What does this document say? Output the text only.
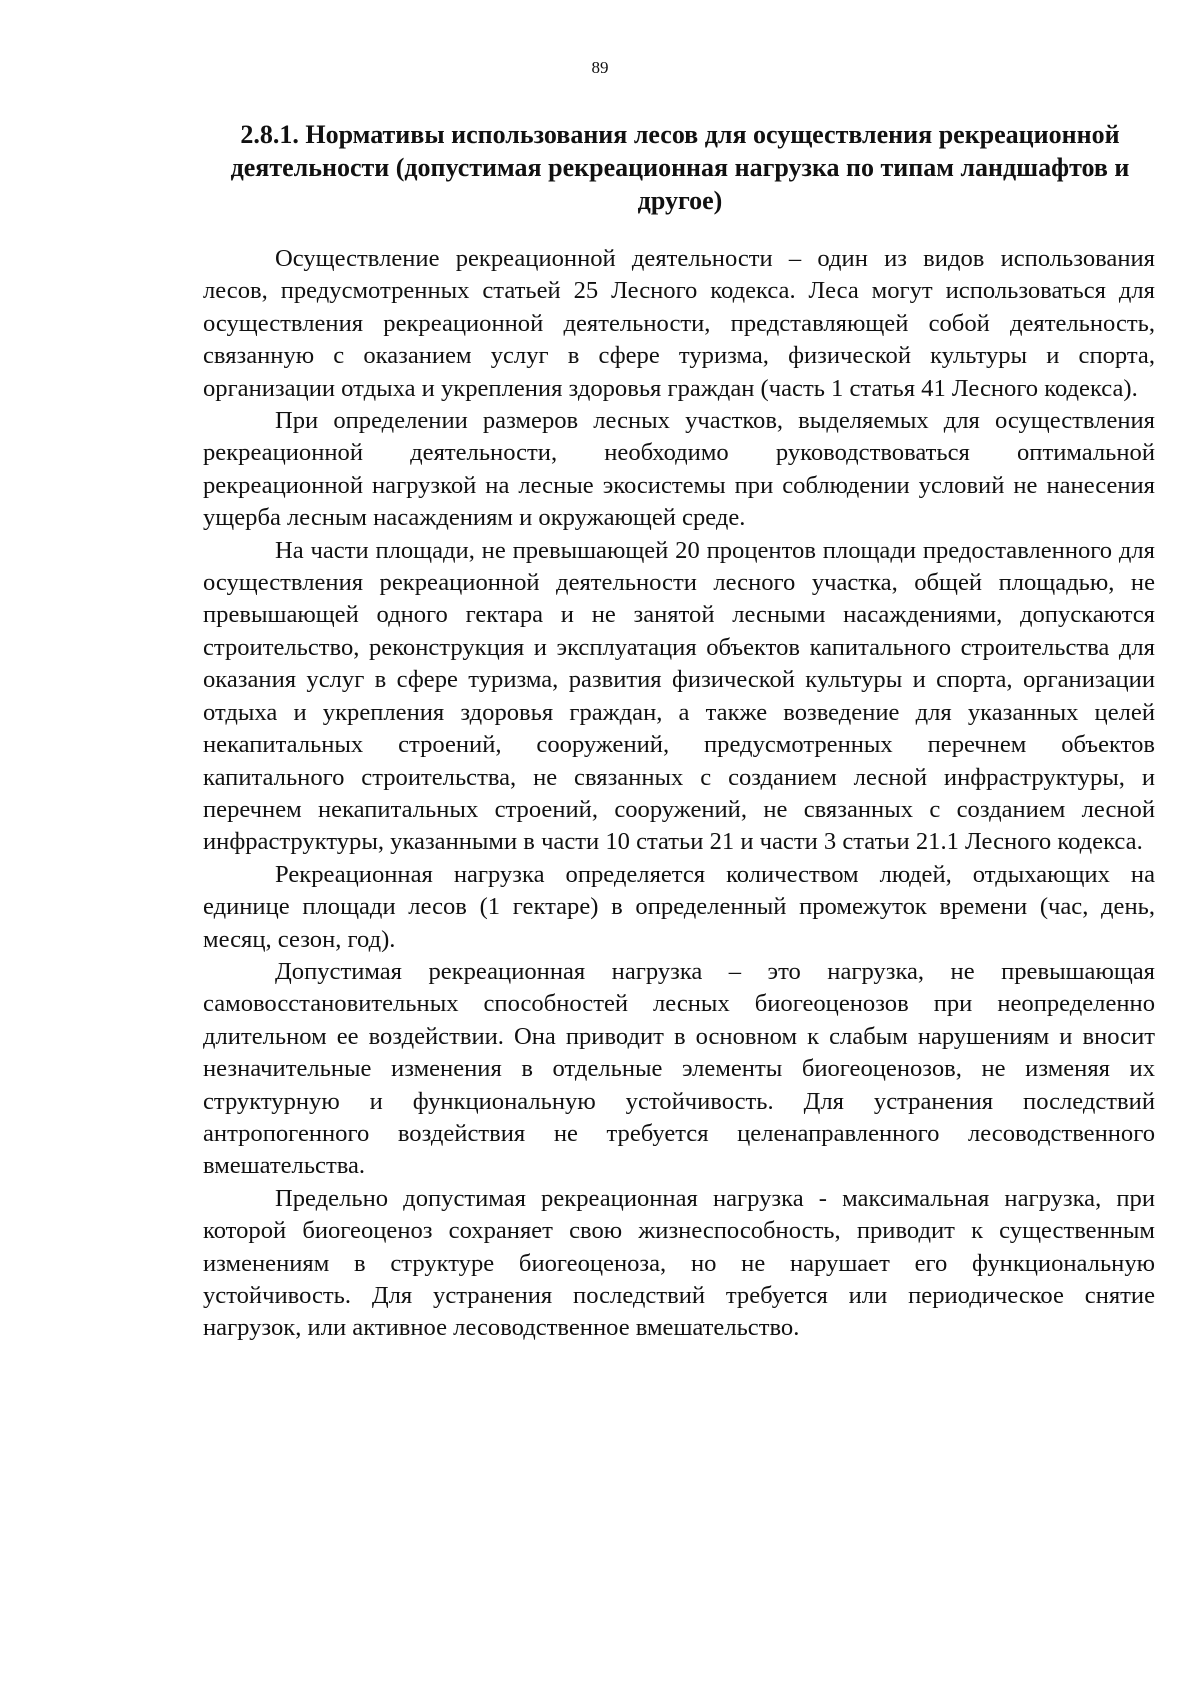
89
2.8.1. Нормативы использования лесов для осуществления рекреационной деятельности (допустимая рекреационная нагрузка по типам ландшафтов и другое)

Осуществление рекреационной деятельности – один из видов использования лесов, предусмотренных статьей 25 Лесного кодекса. Леса могут использоваться для осуществления рекреационной деятельности, представляющей собой деятельность, связанную с оказанием услуг в сфере туризма, физической культуры и спорта, организации отдыха и укрепления здоровья граждан (часть 1 статья 41 Лесного кодекса).

При определении размеров лесных участков, выделяемых для осуществления рекреационной деятельности, необходимо руководствоваться оптимальной рекреационной нагрузкой на лесные экосистемы при соблюдении условий не нанесения ущерба лесным насаждениям и окружающей среде.

На части площади, не превышающей 20 процентов площади предоставленного для осуществления рекреационной деятельности лесного участка, общей площадью, не превышающей одного гектара и не занятой лесными насаждениями, допускаются строительство, реконструкция и эксплуатация объектов капитального строительства для оказания услуг в сфере туризма, развития физической культуры и спорта, организации отдыха и укрепления здоровья граждан, а также возведение для указанных целей некапитальных строений, сооружений, предусмотренных перечнем объектов капитального строительства, не связанных с созданием лесной инфраструктуры, и перечнем некапитальных строений, сооружений, не связанных с созданием лесной инфраструктуры, указанными в части 10 статьи 21 и части 3 статьи 21.1 Лесного кодекса.

Рекреационная нагрузка определяется количеством людей, отдыхающих на единице площади лесов (1 гектаре) в определенный промежуток времени (час, день, месяц, сезон, год).

Допустимая рекреационная нагрузка – это нагрузка, не превышающая самовосстановительных способностей лесных биогеоценозов при неопределенно длительном ее воздействии. Она приводит в основном к слабым нарушениям и вносит незначительные изменения в отдельные элементы биогеоценозов, не изменяя их структурную и функциональную устойчивость. Для устранения последствий антропогенного воздействия не требуется целенаправленного лесоводственного вмешательства.

Предельно допустимая рекреационная нагрузка - максимальная нагрузка, при которой биогеоценоз сохраняет свою жизнеспособность, приводит к существенным изменениям в структуре биогеоценоза, но не нарушает его функциональную устойчивость. Для устранения последствий требуется или периодическое снятие нагрузок, или активное лесоводственное вмешательство.
